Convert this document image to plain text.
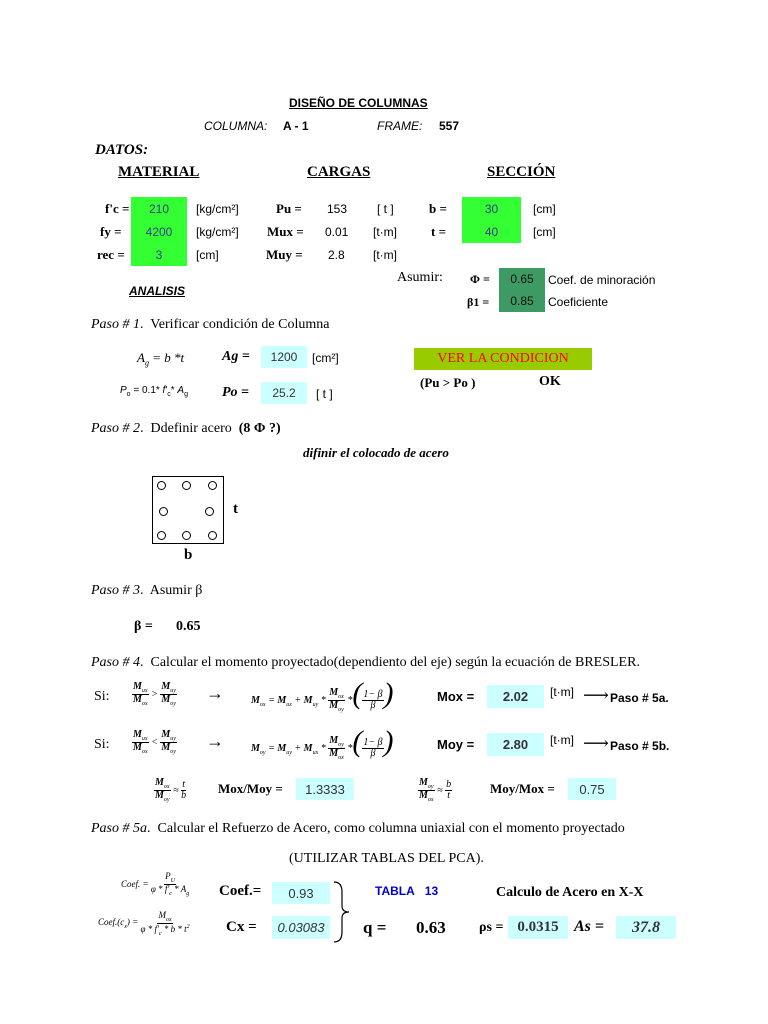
DISEÑO DE COLUMNAS
COLUMNA: A - 1	FRAME: 557
DATOS:
MATERIAL	CARGAS	SECCIÓN
f'c =	210	[kg/cm²]
fy =	4200	[kg/cm²]
rec =	3	[cm]
Pu = 153 [ t ]
Mux = 0.01 [t·m]
Muy = 2.8 [t·m]
b =	30	[cm]
t =	40	[cm]
Asumir: Φ =	0.65	Coef. de minoración
β1 =	0.85	Coeficiente
ANALISIS
Paso # 1.  Verificar condición de Columna
$A_g = b$ *t	Ag =	1200	[cm²]
$P_o = 0.1*$ $f'_c*$ $A_g$ Po =	25.2	[ t ]
VER LA CONDICION
(Pu > Po )	OK
Paso # 2.  Ddefinir acero (8 Φ ?)
difinir el colocado de acero
t
b
Paso # 3.  Asumir β
β = 0.65
Paso # 4.  Calcular el momento proyectado(dependiento del eje) según la ecuación de BRESLER.
Si: $\frac{M_{ux}}{M_{ox}} > \frac{M_{uy}}{M_{oy}}$ →	$M_{ox} = M_{ux} + M_{uy} * \frac{M_{ox}}{M_{oy}}$ *( $\frac{1- \beta}{\beta}$ )	Mox =	2.02	[t·m] ⟶ Paso # 5a.
Si: $\frac{M_{ux}}{M_{ox}} < \frac{M_{uy}}{M_{oy}}$ →	$M_{oy} = M_{uy} + M_{ux} * \frac{M_{oy}}{M_{ox}}$ *( $\frac{1- \beta}{\beta}$ )	Moy =	2.80	[t·m] ⟶ Paso # 5b.
$\frac{M_{ox}}{M_{oy}} \approx \frac{t}{b} Mox/Moy$ =	1.3333	$\frac{M_{oy}}{M_{ox}} \approx \frac{b}{t}$	Moy/Mox =	0.75
Paso # 5a.  Calcular el Refuerzo de Acero, como columna uniaxial con el momento proyectado
(UTILIZAR TABLAS DEL PCA).
Coef. = $\frac{P_U}{\varphi * f'_c * A_g}$ Coef.=	0.93
$Coef.(c_x) = \frac{M_{ox}}{\varphi * f'_c * b * t^2}$ Cx =	0.03083
TABLA 13	Calculo de Acero en X-X
q = 0.63 ρs = 0.0315 As =	37.8
